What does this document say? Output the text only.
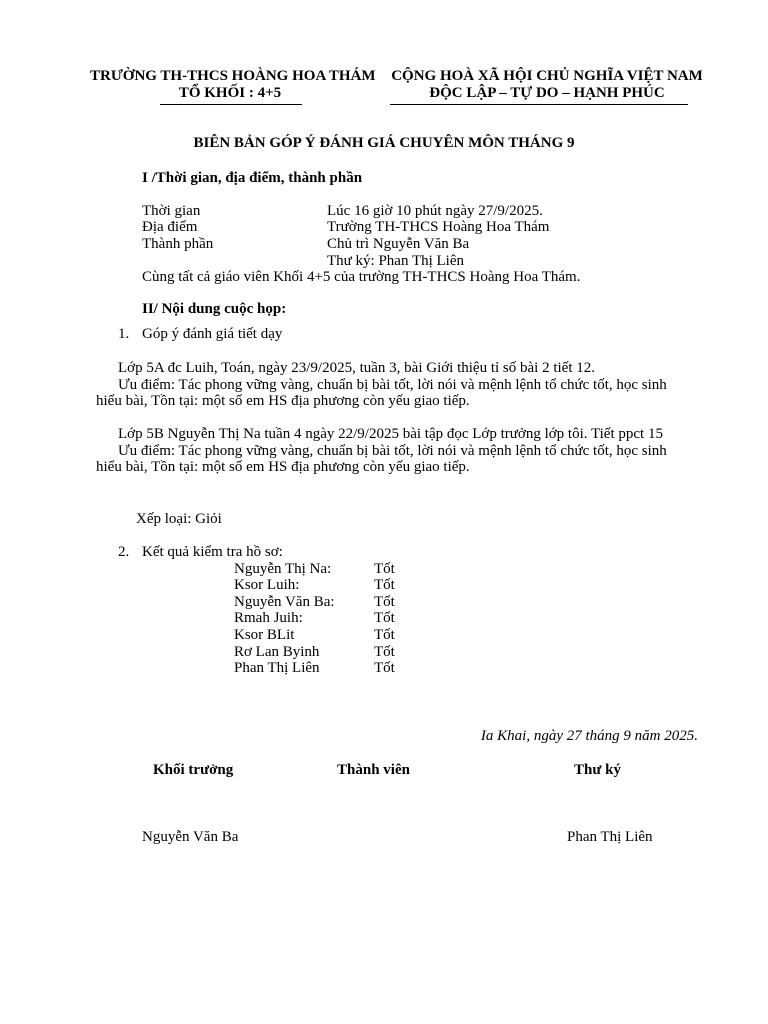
TRƯỜNG TH-THCS HOÀNG HOA THÁM
TỔ KHỐI : 4+5
CỘNG HOÀ XÃ HỘI CHỦ NGHĨA VIỆT NAM
ĐỘC LẬP – TỰ DO – HẠNH PHÚC
BIÊN BẢN GÓP Ý ĐÁNH GIÁ CHUYÊN MÔN THÁNG 9
I /Thời gian, địa điểm, thành phần
Thời gian	Lúc 16 giờ 10 phút ngày 27/9/2025.
Địa điểm	Trường TH-THCS Hoàng Hoa Thám
Thành phần	Chủ trì Nguyễn Văn Ba
Thư ký: Phan Thị Liên
Cùng tất cả giáo viên Khối 4+5 của trường TH-THCS Hoàng Hoa Thám.
II/ Nội dung cuộc họp:
1. Góp ý đánh giá tiết dạy
Lớp 5A đc Luih, Toán, ngày 23/9/2025, tuần 3, bài Giới thiệu tỉ số bài 2 tiết 12.
Ưu điểm: Tác phong vững vàng, chuẩn bị bài tốt, lời nói và mệnh lệnh tổ chức tốt, học sinh
hiểu bài, Tồn tại: một số em HS địa phương còn yếu giao tiếp.
Lớp 5B Nguyễn Thị Na tuần 4 ngày 22/9/2025 bài tập đọc Lớp trưởng lớp tôi. Tiết ppct 15
Ưu điểm: Tác phong vững vàng, chuẩn bị bài tốt, lời nói và mệnh lệnh tổ chức tốt, học sinh
hiểu bài, Tồn tại: một số em HS địa phương còn yếu giao tiếp.
Xếp loại: Giỏi
2. Kết quả kiểm tra hồ sơ:
Nguyễn Thị Na:	Tốt
Ksor Luih:	Tốt
Nguyễn Văn Ba:	Tốt
Rmah Juih:	Tốt
Ksor BLit	Tốt
Rơ Lan Byinh	Tốt
Phan Thị Liên	Tốt
Ia Khai, ngày 27 tháng 9 năm 2025.
Khối trưởng	Thành viên	Thư ký
Nguyễn Văn Ba	Phan Thị Liên
